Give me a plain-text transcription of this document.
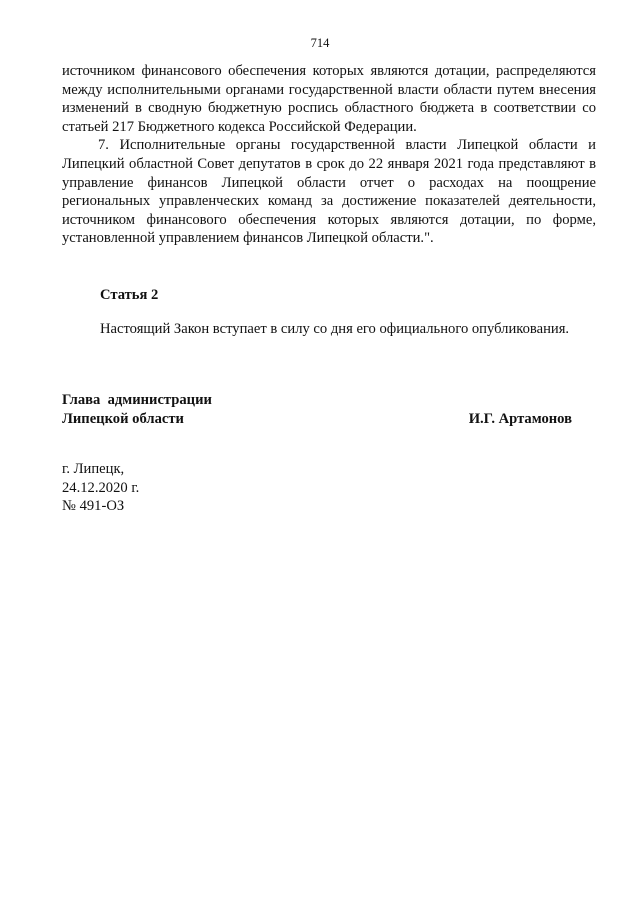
714

источником финансового обеспечения которых являются дотации, распределяются между исполнительными органами государственной власти области путем внесения изменений в сводную бюджетную роспись областного бюджета в соответствии со статьей 217 Бюджетного кодекса Российской Федерации.

7. Исполнительные органы государственной власти Липецкой области и Липецкий областной Совет депутатов в срок до 22 января 2021 года представляют в управление финансов Липецкой области отчет о расходах на поощрение региональных управленческих команд за достижение показателей деятельности, источником финансового обеспечения которых являются дотации, по форме, установленной управлением финансов Липецкой области.".

Статья 2
Настоящий Закон вступает в силу со дня его официального опубликования.
Глава  администрации
Липецкой области	И.Г. Артамонов
г. Липецк,
24.12.2020 г.
№ 491-ОЗ
